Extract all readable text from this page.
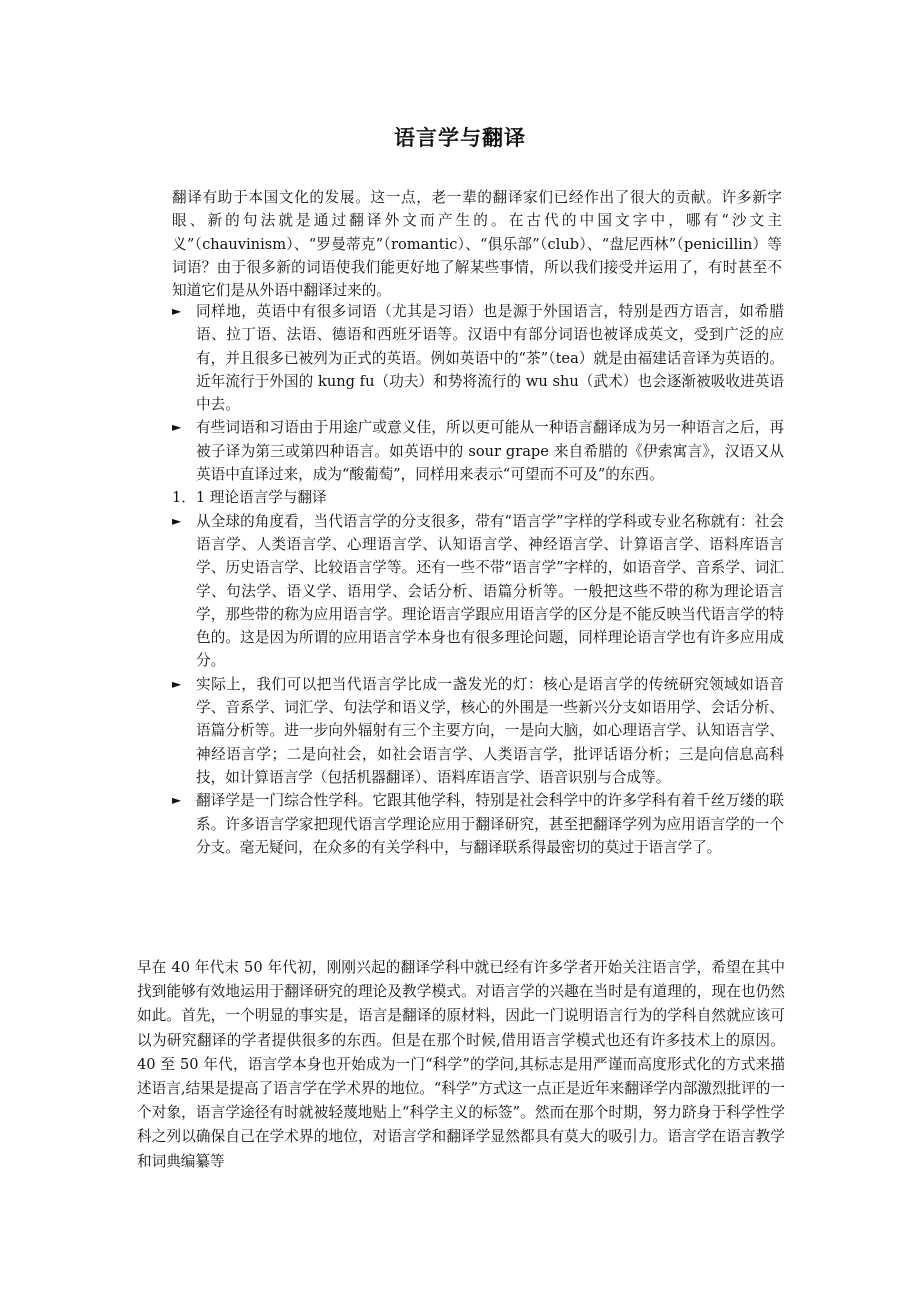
语言学与翻译
翻译有助于本国文化的发展。这一点，老一辈的翻译家们已经作出了很大的贡献。许多新字眼、新的句法就是通过翻译外文而产生的。在古代的中国文字中，哪有“沙文主义”（chauvinism）、“罗曼蒂克”（romantic）、“俱乐部”（club）、“盘尼西林”（penicillin）等词语？由于很多新的词语使我们能更好地了解某些事情，所以我们接受并运用了，有时甚至不知道它们是从外语中翻译过来的。
►	同样地，英语中有很多词语（尤其是习语）也是源于外国语言，特别是西方语言，如希腊语、拉丁语、法语、德语和西班牙语等。汉语中有部分词语也被译成英文，受到广泛的应有，并且很多已被列为正式的英语。例如英语中的“茶”（tea）就是由福建话音译为英语的。近年流行于外国的 kung fu（功夫）和势将流行的 wu shu（武术）也会逐渐被吸收进英语中去。
►	有些词语和习语由于用途广或意义佳，所以更可能从一种语言翻译成为另一种语言之后，再被子译为第三或第四种语言。如英语中的 sour grape 来自希腊的《伊索寓言》，汉语又从英语中直译过来，成为“酸葡萄”，同样用来表示“可望而不可及”的东西。
1．1 理论语言学与翻译
►	从全球的角度看，当代语言学的分支很多，带有“语言学”字样的学科或专业名称就有：社会语言学、人类语言学、心理语言学、认知语言学、神经语言学、计算语言学、语料库语言学、历史语言学、比较语言学等。还有一些不带“语言学”字样的，如语音学、音系学、词汇学、句法学、语义学、语用学、会话分析、语篇分析等。一般把这些不带的称为理论语言学，那些带的称为应用语言学。理论语言学跟应用语言学的区分是不能反映当代语言学的特色的。这是因为所谓的应用语言学本身也有很多理论问题，同样理论语言学也有许多应用成分。
►	实际上，我们可以把当代语言学比成一盏发光的灯：核心是语言学的传统研究领域如语音学、音系学、词汇学、句法学和语义学，核心的外围是一些新兴分支如语用学、会话分析、语篇分析等。进一步向外辐射有三个主要方向，一是向大脑，如心理语言学、认知语言学、神经语言学；二是向社会，如社会语言学、人类语言学，批评话语分析；三是向信息高科技，如计算语言学（包括机器翻译）、语料库语言学、语音识别与合成等。
►	翻译学是一门综合性学科。它跟其他学科，特别是社会科学中的许多学科有着千丝万缕的联系。许多语言学家把现代语言学理论应用于翻译研究，甚至把翻译学列为应用语言学的一个分支。毫无疑问，在众多的有关学科中，与翻译联系得最密切的莫过于语言学了。
早在 40 年代末 50 年代初，刚刚兴起的翻译学科中就已经有许多学者开始关注语言学，希望在其中找到能够有效地运用于翻译研究的理论及教学模式。对语言学的兴趣在当时是有道理的，现在也仍然如此。首先，一个明显的事实是，语言是翻译的原材料，因此一门说明语言行为的学科自然就应该可以为研究翻译的学者提供很多的东西。但是在那个时候,借用语言学模式也还有许多技术上的原因。40 至 50 年代，语言学本身也开始成为一门“科学”的学问,其标志是用严谨而高度形式化的方式来描述语言,结果是提高了语言学在学术界的地位。“科学”方式这一点正是近年来翻译学内部激烈批评的一个对象，语言学途径有时就被轻蔑地贴上“科学主义的标签”。然而在那个时期，努力跻身于科学性学科之列以确保自己在学术界的地位，对语言学和翻译学显然都具有莫大的吸引力。语言学在语言教学和词典编纂等
